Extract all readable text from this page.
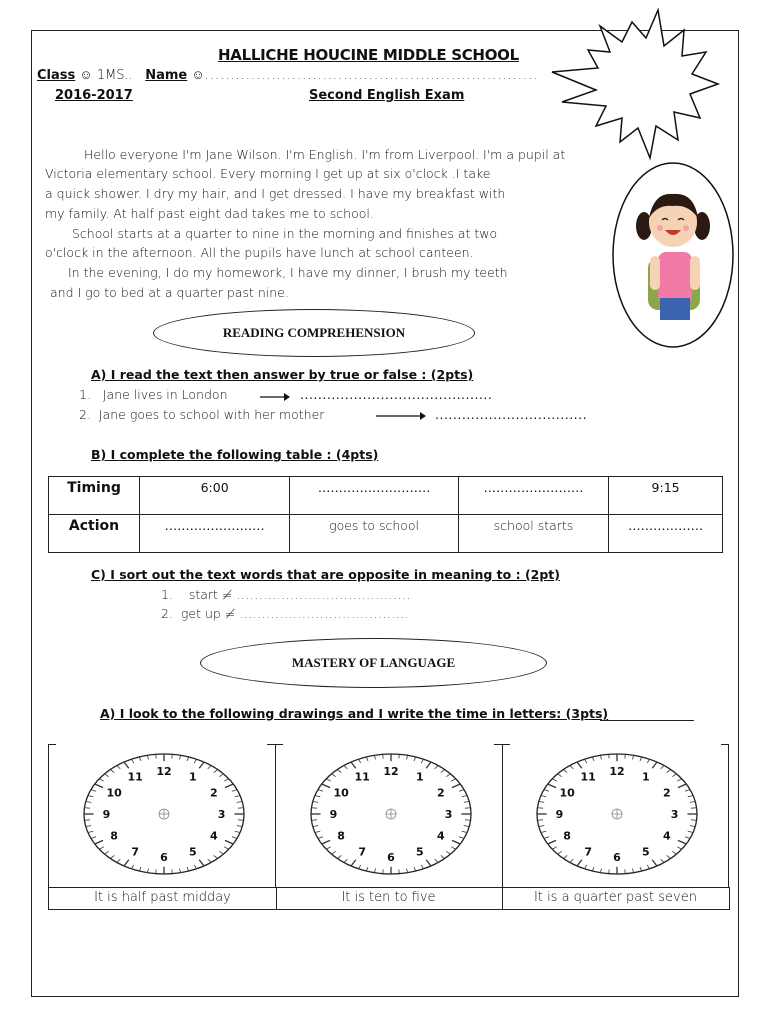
HALLICHE HOUCINE MIDDLE SCHOOL
Class ☺ 1MS.. Name ☺.................................................................
2016-2017	Second English Exam
Hello everyone I'm Jane Wilson. I'm English. I'm from Liverpool. I'm a pupil at
Victoria elementary school. Every morning I get up at six o'clock .I take
a quick shower. I dry my hair, and I get dressed. I have my breakfast with
my family. At half past eight dad takes me to school.
School starts at a quarter to nine in the morning and finishes at two
o'clock in the afternoon. All the pupils have lunch at school canteen.
In the evening, I do my homework, I have my dinner, I brush my teeth
and I go to bed at a quarter past nine.
READING COMPREHENSION
A) I read the text then answer by true or false : (2pts)
1. Jane lives in London	...........................................
2. Jane goes to school with her mother	..................................
B) I complete the following table : (4pts)
Timing	6:00	………………………	……………………	9:15
Action	……………………	goes to school	school starts	………………
C) I sort out the text words that are opposite in meaning to : (2pt)
1. start ≠ .......................................
2. get up ≠ ......................................
MASTERY OF LANGUAGE
A) I look to the following drawings and I write the time in letters: (3pts)
12 1
2
3
4
5
6
7
8
9
10
11	12 1
2
3
4
5
6
7
8
9
10
11	12 1
2
3
4
5
6
7
8
9
10
11
It is half past midday	It is ten to five	It is a quarter past seven
